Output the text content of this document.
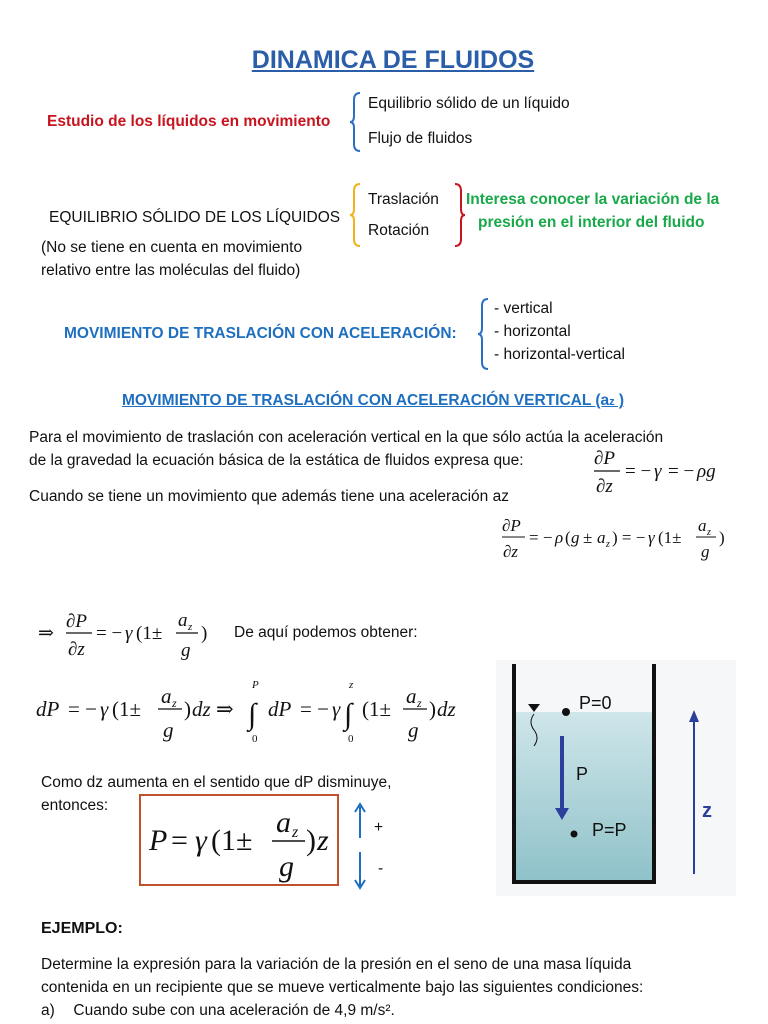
DINAMICA DE FLUIDOS
Estudio de los líquidos en movimiento
Equilibrio sólido de un líquido
Flujo de fluidos
EQUILIBRIO SÓLIDO DE LOS LÍQUIDOS
(No se tiene en cuenta en movimiento
relativo entre las moléculas del fluido)
Traslación
Rotación
Interesa conocer la variación de la
presión en el interior del fluido
MOVIMIENTO DE TRASLACIÓN CON ACELERACIÓN:
- vertical
- horizontal
- horizontal-vertical
MOVIMIENTO DE TRASLACIÓN CON ACELERACIÓN VERTICAL (az )
Para el movimiento de traslación con aceleración vertical en la que sólo actúa la aceleración
de la gravedad la ecuación básica de la estática de fluidos expresa que:	∂P
∂z
= − γ = − ρg
Cuando se tiene un movimiento que además tiene una aceleración az
∂P
∂z
= − ρ ( g ± a z ) = − γ (1±
a z
g
)
⇒
∂P
∂z
= − γ (1±
a z
g
) De aquí podemos obtener:
dP = − γ (1±
a z
g
) dz ⇒ ∫
P
0
dP = − γ ∫
z
0
(1±
a z
g
) dz
Como dz aumenta en el sentido que dP disminuye,
entonces:
P = γ (1±
a z
g
) z	+
-
P=0
P
P=P
z
EJEMPLO:
Determine la expresión para la variación de la presión en el seno de una masa líquida
contenida en un recipiente que se mueve verticalmente bajo las siguientes condiciones:
a) Cuando sube con una aceleración de 4,9 m/s².
